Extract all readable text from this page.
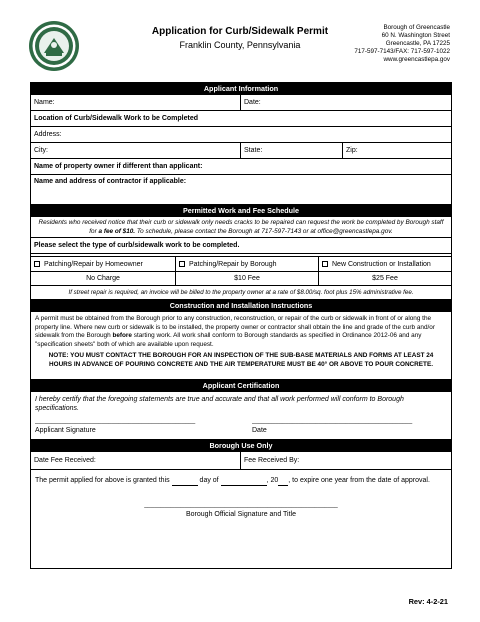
Application for Curb/Sidewalk Permit
Franklin County, Pennsylvania
Borough of Greencastle
60 N. Washington Street
Greencastle, PA 17225
717-597-7143/FAX: 717-597-1022
www.greencastlepa.gov
Applicant Information
Name:	Date:
Location of Curb/Sidewalk Work to be Completed
Address:
City:	State:	Zip:
Name of property owner if different than applicant:
Name and address of contractor if applicable:
Permitted Work and Fee Schedule
Residents who received notice that their curb or sidewalk only needs cracks to be repaired can request the work be completed by Borough staff for a fee of $10. To schedule, please contact the Borough at 717-597-7143 or at office@greencastlepa.gov.
Please select the type of curb/sidewalk work to be completed.
Patching/Repair by Homeowner	Patching/Repair by Borough	New Construction or Installation
No Charge	$10 Fee	$25 Fee
If street repair is required, an invoice will be billed to the property owner at a rate of $8.00/sq. foot plus 15% administrative fee.
Construction and Installation Instructions
A permit must be obtained from the Borough prior to any construction, reconstruction, or repair of the curb or sidewalk in front of or along the property line. Where new curb or sidewalk is to be installed, the property owner or contractor shall obtain the line and grade of the curb and/or sidewalk from the Borough before starting work. All work shall conform to Borough standards as specified in Ordinance 2012-06 and any "specification sheets" both of which are available upon request.
NOTE: YOU MUST CONTACT THE BOROUGH FOR AN INSPECTION OF THE SUB-BASE MATERIALS AND FORMS AT LEAST 24 HOURS IN ADVANCE OF POURING CONCRETE AND THE AIR TEMPERATURE MUST BE 40° OR ABOVE TO POUR CONCRETE.
Applicant Certification
I hereby certify that the foregoing statements are true and accurate and that all work performed will conform to Borough specifications.
________________________________________________	________________________________________________
Applicant Signature	Date
Borough Use Only
Date Fee Received:	Fee Received By:
The permit applied for above is granted this	day of	, 20 , to expire one year from the date of approval.
__________________________________________________________
Borough Official Signature and Title
Rev: 4-2-21
